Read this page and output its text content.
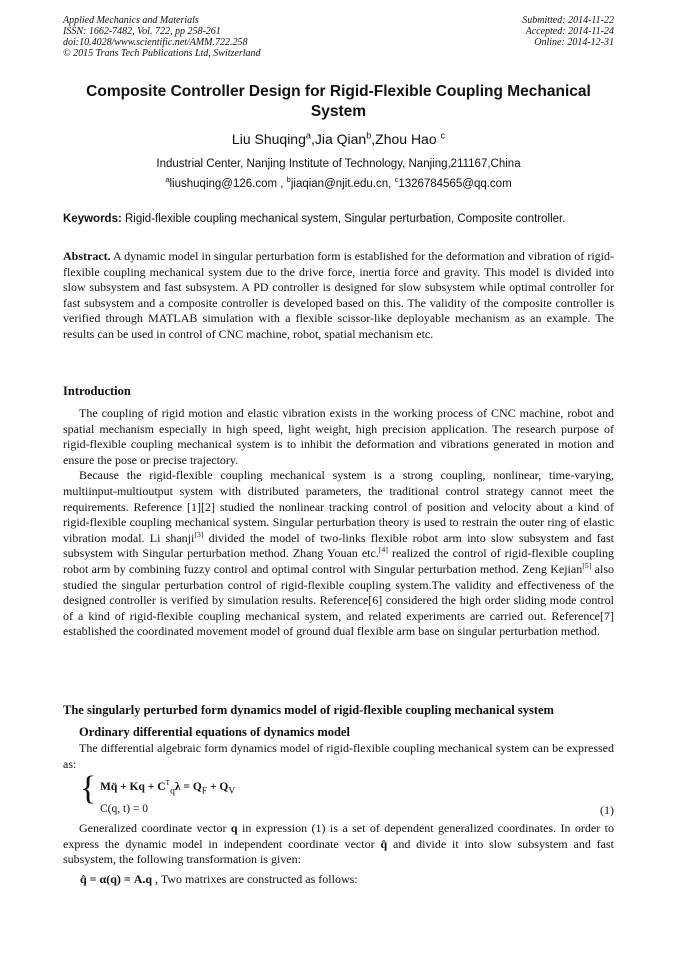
Applied Mechanics and Materials
ISSN: 1662-7482, Vol. 722, pp 258-261
doi:10.4028/www.scientific.net/AMM.722.258
© 2015 Trans Tech Publications Ltd, Switzerland
Submitted: 2014-11-22
Accepted: 2014-11-24
Online: 2014-12-31
Composite Controller Design for Rigid-Flexible Coupling Mechanical System
Liu Shuqing$^a$,Jia Qian$^b$,Zhou Hao $^c$
Industrial Center, Nanjing Institute of Technology, Nanjing,211167,China
$^a$liushuqing@126.com , $^b$jiaqian@njit.edu.cn, $^c$1326784565@qq.com
Keywords: Rigid-flexible coupling mechanical system, Singular perturbation, Composite controller.
Abstract. A dynamic model in singular perturbation form is established for the deformation and vibration of rigid-flexible coupling mechanical system due to the drive force, inertia force and gravity. This model is divided into slow subsystem and fast subsystem. A PD controller is designed for slow subsystem while optimal controller for fast subsystem and a composite controller is developed based on this. The validity of the composite controller is verified through MATLAB simulation with a flexible scissor-like deployable mechanism as an example. The results can be used in control of CNC machine, robot, spatial mechanism etc.
Introduction

The coupling of rigid motion and elastic vibration exists in the working process of CNC machine, robot and spatial mechanism especially in high speed, light weight, high precision application. The research purpose of rigid-flexible coupling mechanical system is to inhibit the deformation and vibrations generated in motion and ensure the pose or precise trajectory.

Because the rigid-flexible coupling mechanical system is a strong coupling, nonlinear, time-varying, multiinput-multioutput system with distributed parameters, the traditional control strategy cannot meet the requirements. Reference [1][2] studied the nonlinear tracking control of position and velocity about a kind of rigid-flexible coupling mechanical system. Singular perturbation theory is used to restrain the outer ring of elastic vibration modal. Li shanji[3] divided the model of two-links flexible robot arm into slow subsystem and fast subsystem with Singular perturbation method. Zhang Youan etc.[4] realized the control of rigid-flexible coupling robot arm by combining fuzzy control and optimal control with Singular perturbation method. Zeng Kejian[5] also studied the singular perturbation control of rigid-flexible coupling system.The validity and effectiveness of the designed controller is verified by simulation results. Reference[6] considered the high order sliding mode control of a kind of rigid-flexible coupling mechanical system, and related experiments are carried out. Reference[7] established the coordinated movement model of ground dual flexible arm base on singular perturbation method.

The singularly perturbed form dynamics model of rigid-flexible coupling mechanical system
Ordinary differential equations of dynamics model

The differential algebraic form dynamics model of rigid-flexible coupling mechanical system can be expressed as:

{ Mq̈ + $Kq + C^T_q\lambda = Q_F + Q_V$
C(q, t) = 0	(1)

Generalized coordinate vector q in expression (1) is a set of dependent generalized coordinates. In order to express the dynamic model in independent coordinate vector q̂ and divide it into slow subsystem and fast subsystem, the following transformation is given:

q̂ = α(q) = A.q , Two matrixes are constructed as follows:
